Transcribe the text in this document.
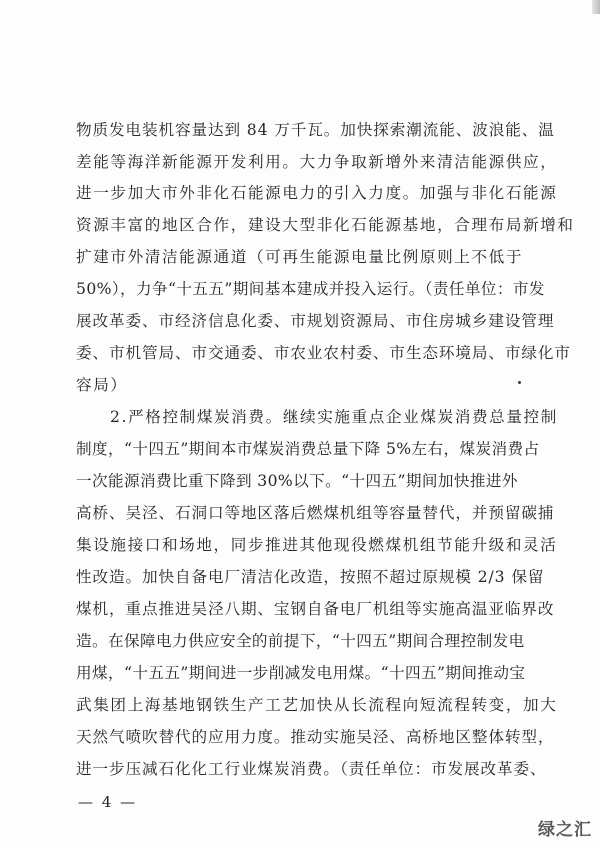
物质发电装机容量达到 84 万千瓦。加快探索潮流能、波浪能、温
差能等海洋新能源开发利用。大力争取新增外来清洁能源供应，
进一步加大市外非化石能源电力的引入力度。加强与非化石能源
资源丰富的地区合作，建设大型非化石能源基地，合理布局新增和
扩建市外清洁能源通道（可再生能源电量比例原则上不低于
50%），力争“十五五”期间基本建成并投入运行。（责任单位：市发
展改革委、市经济信息化委、市规划资源局、市住房城乡建设管理
委、市机管局、市交通委、市农业农村委、市生态环境局、市绿化市
容局）
2.严格控制煤炭消费。继续实施重点企业煤炭消费总量控制
制度，“十四五”期间本市煤炭消费总量下降 5%左右，煤炭消费占
一次能源消费比重下降到 30%以下。“十四五”期间加快推进外
高桥、吴泾、石洞口等地区落后燃煤机组等容量替代，并预留碳捕
集设施接口和场地，同步推进其他现役燃煤机组节能升级和灵活
性改造。加快自备电厂清洁化改造，按照不超过原规模 2/3 保留
煤机，重点推进吴泾八期、宝钢自备电厂机组等实施高温亚临界改
造。在保障电力供应安全的前提下，“十四五”期间合理控制发电
用煤，“十五五”期间进一步削减发电用煤。“十四五”期间推动宝
武集团上海基地钢铁生产工艺加快从长流程向短流程转变，加大
天然气喷吹替代的应用力度。推动实施吴泾、高桥地区整体转型，
进一步压减石化化工行业煤炭消费。（责任单位：市发展改革委、
— 4 —
绿之汇
